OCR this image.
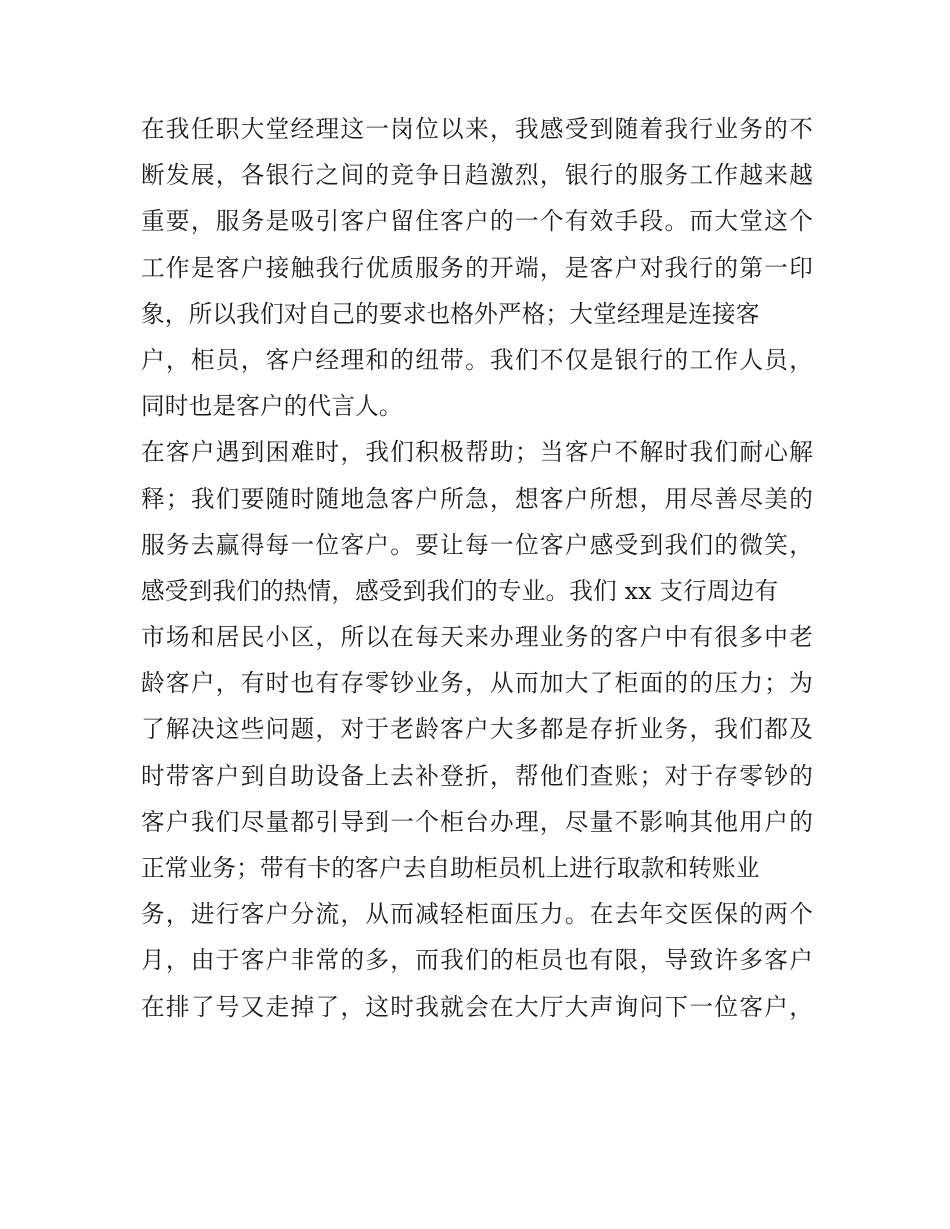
在我任职大堂经理这一岗位以来，我感受到随着我行业务的不
断发展，各银行之间的竞争日趋激烈，银行的服务工作越来越
重要，服务是吸引客户留住客户的一个有效手段。而大堂这个
工作是客户接触我行优质服务的开端，是客户对我行的第一印
象，所以我们对自己的要求也格外严格；大堂经理是连接客
户，柜员，客户经理和的纽带。我们不仅是银行的工作人员，
同时也是客户的代言人。
在客户遇到困难时，我们积极帮助；当客户不解时我们耐心解
释；我们要随时随地急客户所急，想客户所想，用尽善尽美的
服务去赢得每一位客户。要让每一位客户感受到我们的微笑，
感受到我们的热情，感受到我们的专业。我们 xx 支行周边有
市场和居民小区，所以在每天来办理业务的客户中有很多中老
龄客户，有时也有存零钞业务，从而加大了柜面的的压力；为
了解决这些问题，对于老龄客户大多都是存折业务，我们都及
时带客户到自助设备上去补登折，帮他们查账；对于存零钞的
客户我们尽量都引导到一个柜台办理，尽量不影响其他用户的
正常业务；带有卡的客户去自助柜员机上进行取款和转账业
务，进行客户分流，从而减轻柜面压力。在去年交医保的两个
月，由于客户非常的多，而我们的柜员也有限，导致许多客户
在排了号又走掉了，这时我就会在大厅大声询问下一位客户，
